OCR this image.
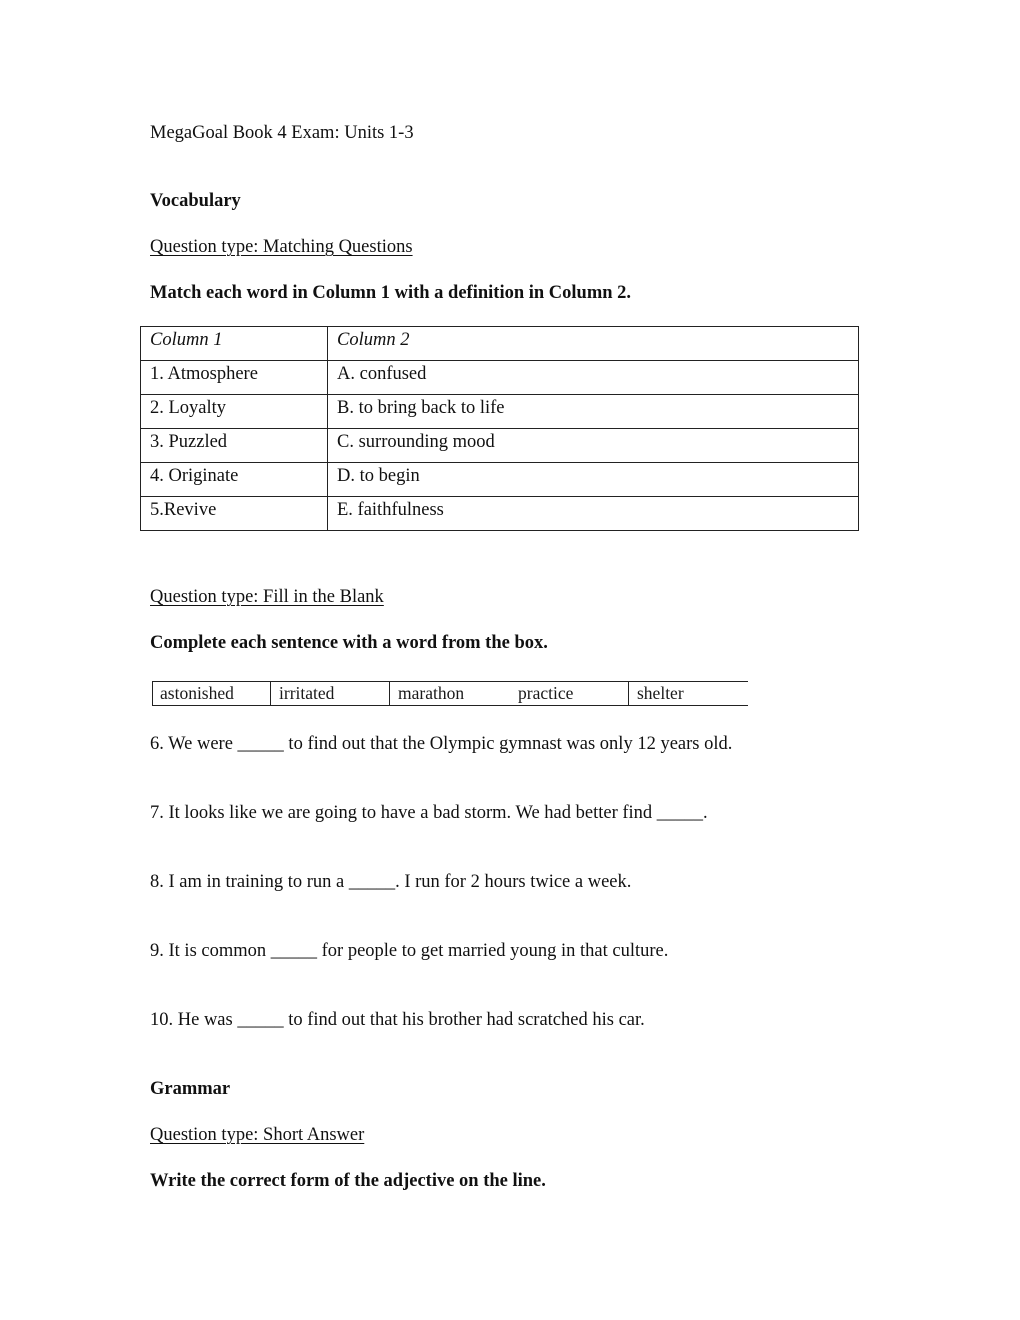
MegaGoal Book 4 Exam: Units 1-3
Vocabulary
Question type: Matching Questions
Match each word in Column 1 with a definition in Column 2.
Column 1	Column 2
1. Atmosphere	A. confused
2. Loyalty	B. to bring back to life
3. Puzzled	C. surrounding mood
4. Originate	D. to begin
5.Revive	E. faithfulness
Question type: Fill in the Blank
Complete each sentence with a word from the box.
astonished	irritated	marathon	practice	shelter
6. We were _____ to find out that the Olympic gymnast was only 12 years old.
7. It looks like we are going to have a bad storm. We had better find _____.
8. I am in training to run a _____. I run for 2 hours twice a week.
9. It is common _____ for people to get married young in that culture.
10. He was _____ to find out that his brother had scratched his car.
Grammar
Question type: Short Answer
Write the correct form of the adjective on the line.
